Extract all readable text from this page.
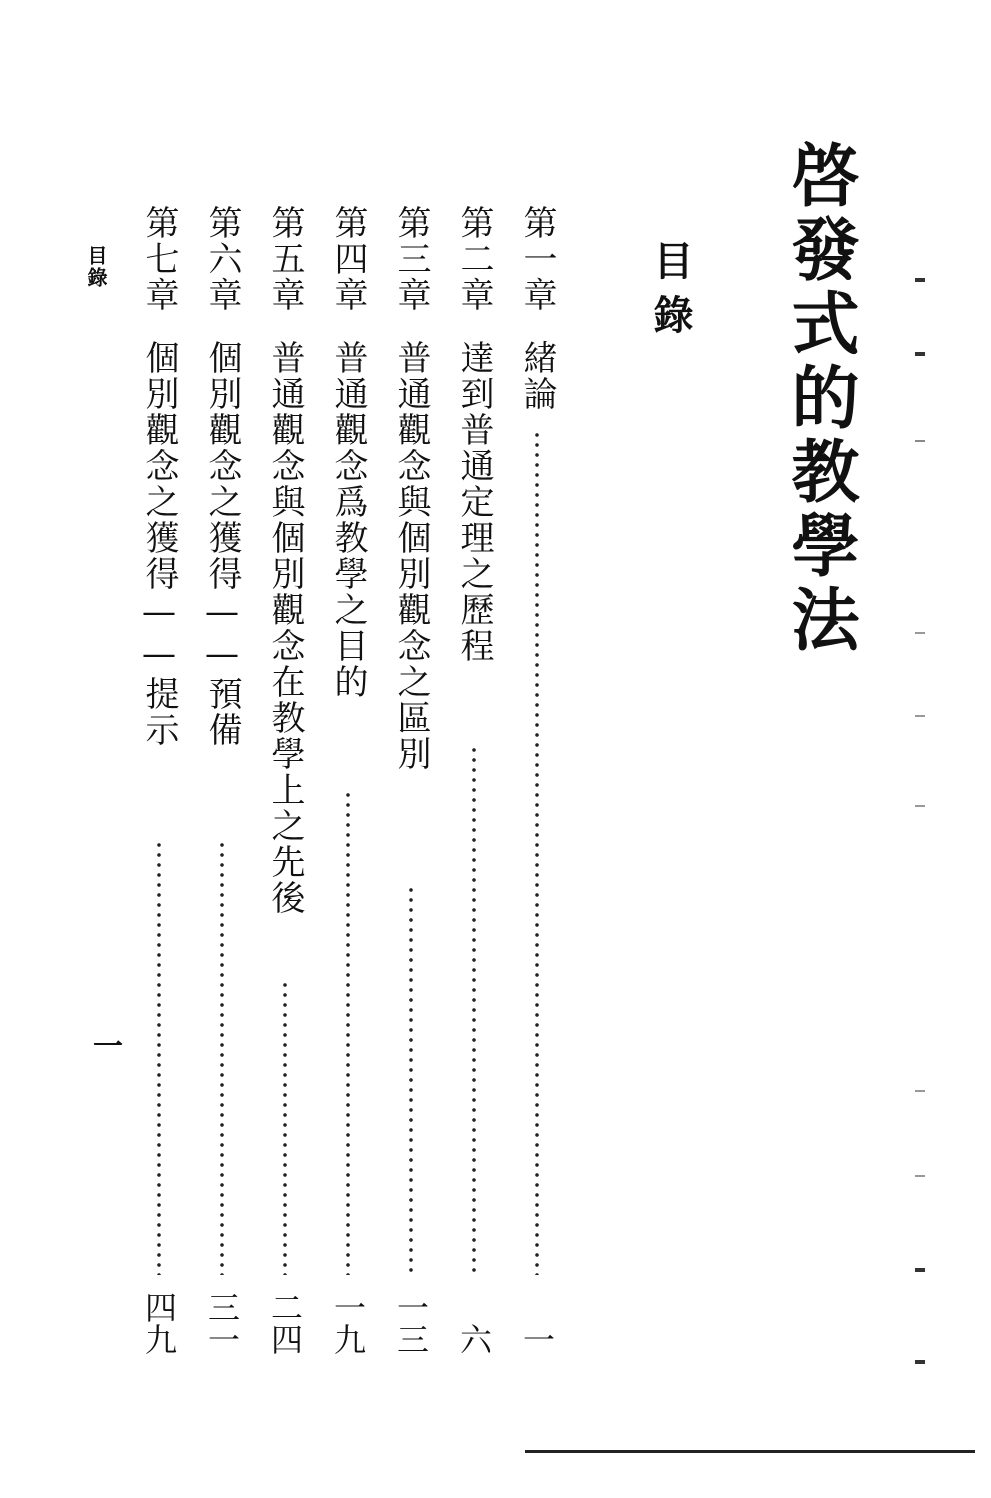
啓發式的教學法
目錄
第一章
緒論
一
第二章
達到普通定理之歷程
六
第三章
普通觀念與個別觀念之區別
一三
第四章
普通觀念爲教學之目的
一九
第五章
普通觀念與個別觀念在教學上之先後
二四
第六章
個別觀念之獲得——預備
三一
第七章
個別觀念之獲得——提示
四九
目錄
一
